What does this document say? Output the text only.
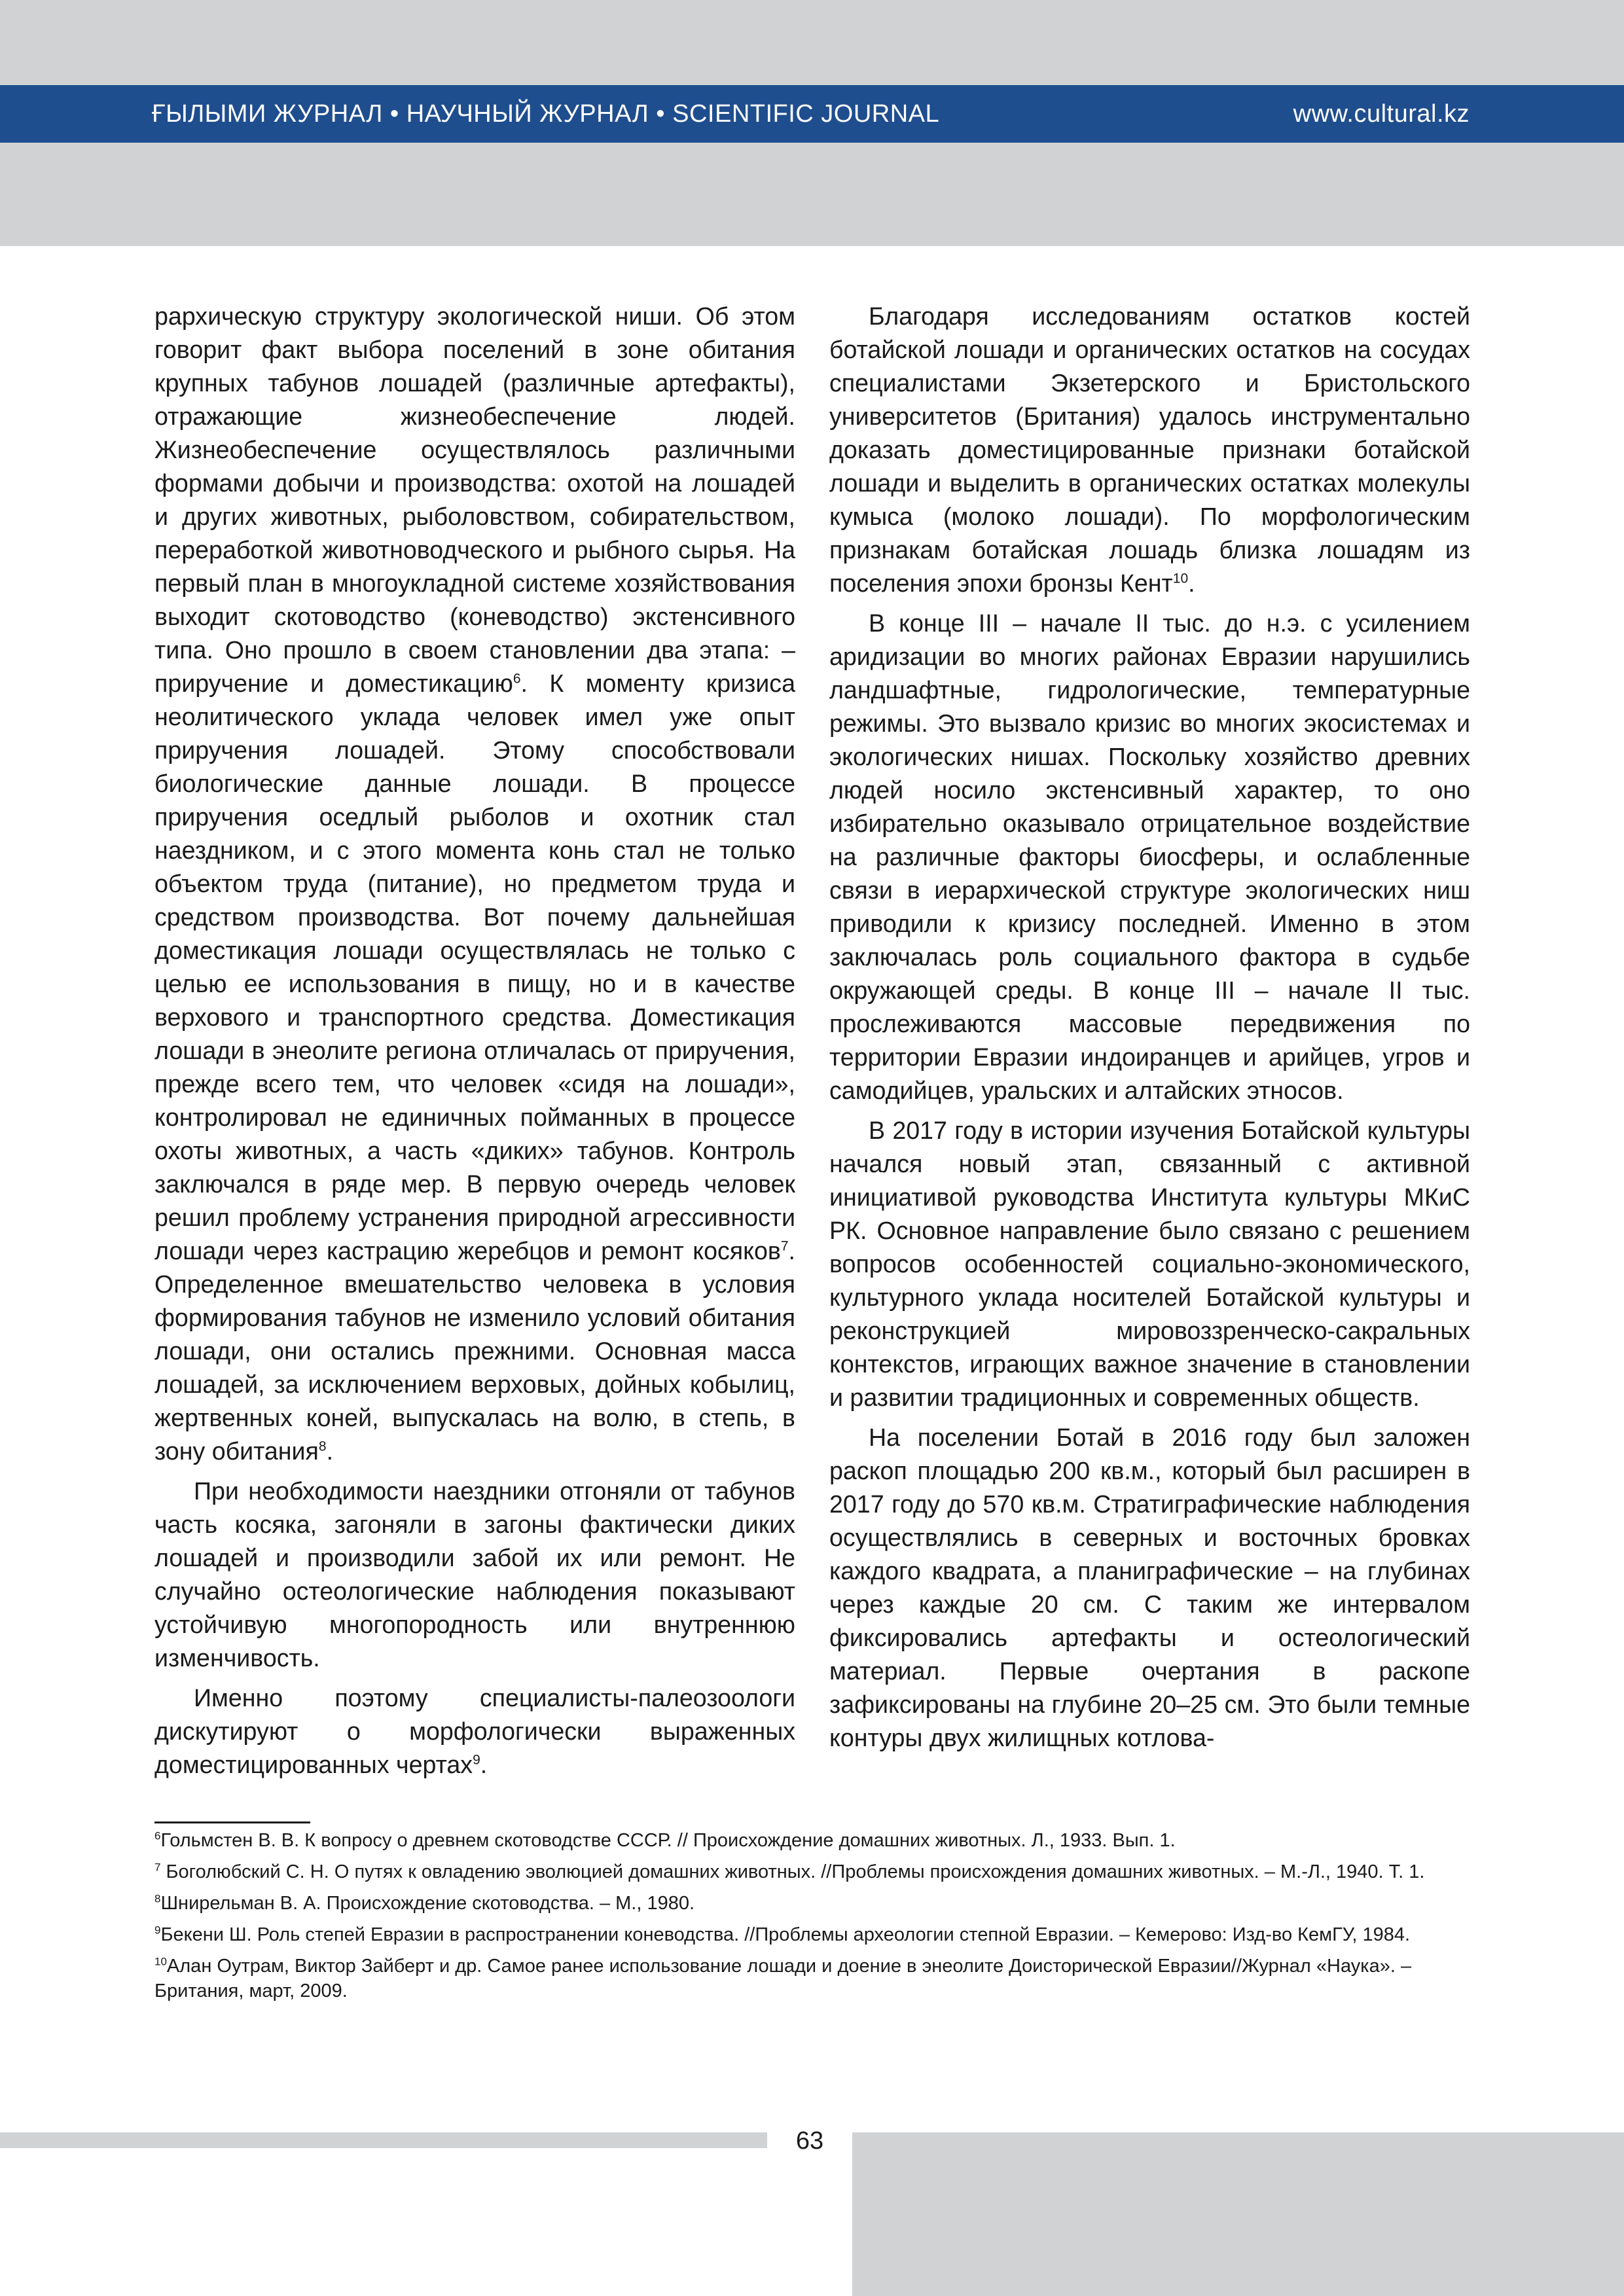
ҒЫЛЫМИ ЖУРНАЛ • НАУЧНЫЙ ЖУРНАЛ • SCIENTIFIC JOURNAL	www.cultural.kz

рархическую структуру экологической ниши. Об этом говорит факт выбора поселений в зоне обитания крупных табунов лошадей (различные артефакты), отражающие жизнеобеспечение людей. Жизнеобеспечение осуществлялось различными формами добычи и производства: охотой на лошадей и других животных, рыболовством, собирательством, переработкой животноводческого и рыбного сырья. На первый план в многоукладной системе хозяйствования выходит скотоводство (коневодство) экстенсивного типа. Оно прошло в своем становлении два этапа: – приручение и доместикацию$^6$. К моменту кризиса неолитического уклада человек имел уже опыт приручения лошадей. Этому способствовали биологические данные лошади. В процессе приручения оседлый рыболов и охотник стал наездником, и с этого момента конь стал не только объектом труда (питание), но предметом труда и средством производства. Вот почему дальнейшая доместикация лошади осуществлялась не только с целью ее использования в пищу, но и в качестве верхового и транспортного средства. Доместикация лошади в энеолите региона отличалась от приручения, прежде всего тем, что человек «сидя на лошади», контролировал не единичных пойманных в процессе охоты животных, а часть «диких» табунов. Контроль заключался в ряде мер. В первую очередь человек решил проблему устранения природной агрессивности лошади через кастрацию жеребцов и ремонт косяков$^7$. Определенное вмешательство человека в условия формирования табунов не изменило условий обитания лошади, они остались прежними. Основная масса лошадей, за исключением верховых, дойных кобылиц, жертвенных коней, выпускалась на волю, в степь, в зону обитания$^8$.

При необходимости наездники отгоняли от табунов часть косяка, загоняли в загоны фактически диких лошадей и производили забой их или ремонт. Не случайно остеологические наблюдения показывают устойчивую многопородность или внутреннюю изменчивость.

Именно поэтому специалисты-палеозоологи дискутируют о морфологически выраженных доместицированных чертах$^9$.

Благодаря исследованиям остатков костей ботайской лошади и органических остатков на сосудах специалистами Экзетерского и Бристольского университетов (Британия) удалось инструментально доказать доместицированные признаки ботайской лошади и выделить в органических остатках молекулы кумыса (молоко лошади). По морфологическим признакам ботайская лошадь близка лошадям из поселения эпохи бронзы Кент$^{10}$.

В конце III – начале II тыс. до н.э. с усилением аридизации во многих районах Евразии нарушились ландшафтные, гидрологические, температурные режимы. Это вызвало кризис во многих экосистемах и экологических нишах. Поскольку хозяйство древних людей носило экстенсивный характер, то оно избирательно оказывало отрицательное воздействие на различные факторы биосферы, и ослабленные связи в иерархической структуре экологических ниш приводили к кризису последней. Именно в этом заключалась роль социального фактора в судьбе окружающей среды. В конце III – начале II тыс. прослеживаются массовые передвижения по территории Евразии индоиранцев и арийцев, угров и самодийцев, уральских и алтайских этносов.

В 2017 году в истории изучения Ботайской культуры начался новый этап, связанный с активной инициативой руководства Института культуры МКиС РК. Основное направление было связано с решением вопросов особенностей социально-экономического, культурного уклада носителей Ботайской культуры и реконструкцией мировоззренческо-сакральных контекстов, играющих важное значение в становлении и развитии традиционных и современных обществ.

На поселении Ботай в 2016 году был заложен раскоп площадью 200 кв.м., который был расширен в 2017 году до 570 кв.м. Стратиграфические наблюдения осуществлялись в северных и восточных бровках каждого квадрата, а планиграфические – на глубинах через каждые 20 см. С таким же интервалом фиксировались артефакты и остеологический материал. Первые очертания в раскопе зафиксированы на глубине 20–25 см. Это были темные контуры двух жилищных котлова-

$^6$Гольмстен В. В. К вопросу о древнем скотоводстве СССР. // Происхождение домашних животных. Л., 1933. Вып. 1.
$^7$ Боголюбский С. Н. О путях к овладению эволюцией домашних животных. //Проблемы происхождения домашних животных. – М.-Л., 1940. Т. 1.
$^8$Шнирельман В. А. Происхождение скотоводства. – М., 1980.
$^9$Бекени Ш. Роль степей Евразии в распространении коневодства. //Проблемы археологии степной Евразии. – Кемерово: Изд-во КемГУ, 1984.
$^{10}$Алан Оутрам, Виктор Зайберт и др. Самое ранее использование лошади и доение в энеолите Доисторической Евразии//Журнал «Наука». – Британия, март, 2009.
63
